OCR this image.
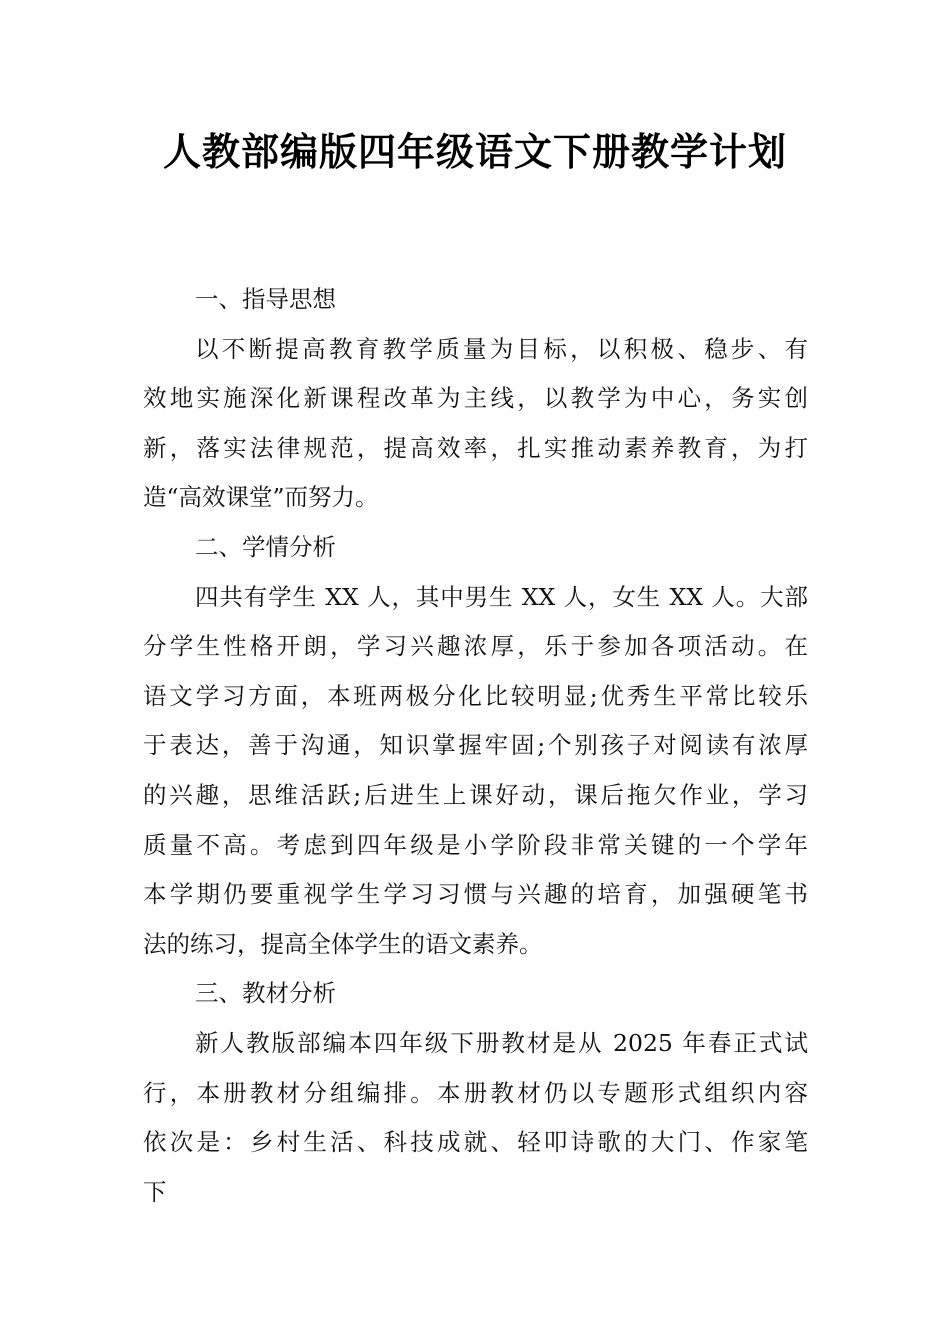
人教部编版四年级语文下册教学计划
一、指导思想
以不断提高教育教学质量为目标，以积极、稳步、有
效地实施深化新课程改革为主线，以教学为中心，务实创
新，落实法律规范，提高效率，扎实推动素养教育，为打
造“高效课堂”而努力。
二、学情分析
四共有学生 XX 人，其中男生 XX 人，女生 XX 人。大部
分学生性格开朗，学习兴趣浓厚，乐于参加各项活动。在
语文学习方面，本班两极分化比较明显;优秀生平常比较乐
于表达，善于沟通，知识掌握牢固;个别孩子对阅读有浓厚
的兴趣，思维活跃;后进生上课好动，课后拖欠作业，学习
质量不高。考虑到四年级是小学阶段非常关键的一个学年
本学期仍要重视学生学习习惯与兴趣的培育，加强硬笔书
法的练习，提高全体学生的语文素养。
三、教材分析
新人教版部编本四年级下册教材是从 2025 年春正式试
行，本册教材分组编排。本册教材仍以专题形式组织内容
依次是：乡村生活、科技成就、轻叩诗歌的大门、作家笔
下
